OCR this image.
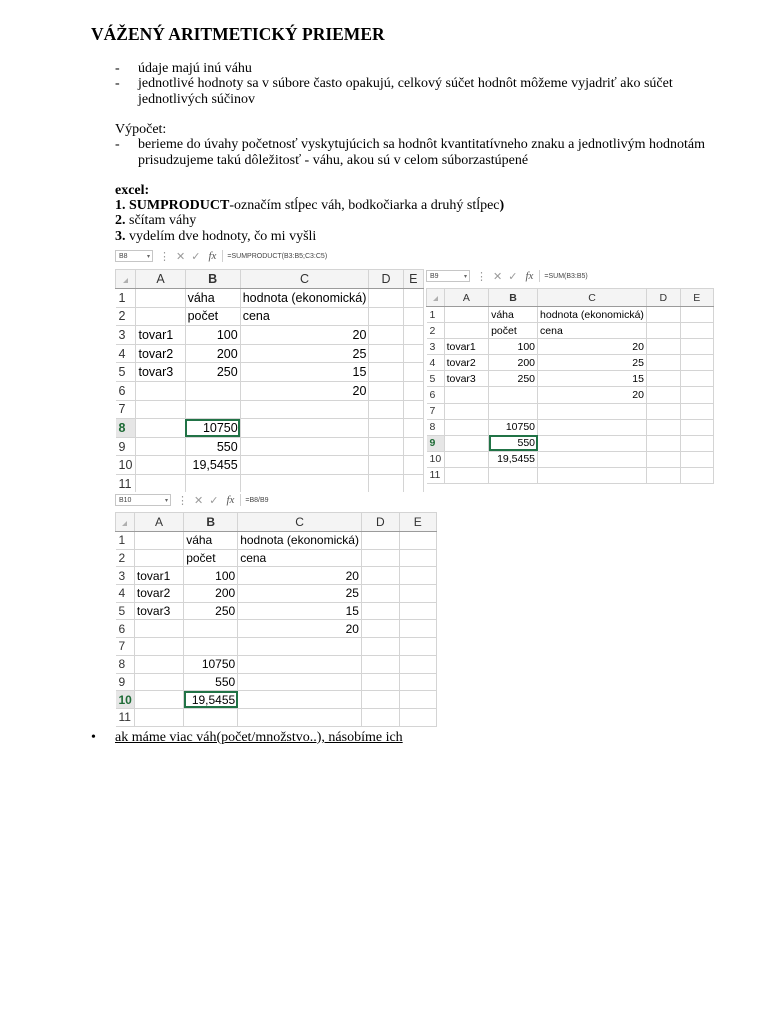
VÁŽENÝ ARITMETICKÝ PRIEMER
- údaje majú inú váhu
- jednotlivé hodnoty sa v súbore často opakujú, celkový súčet hodnôt môžeme vyjadriť ako súčet jednotlivých súčinov
Výpočet:
- berieme do úvahy početnosť vyskytujúcich sa hodnôt kvantitatívneho znaku a jednotlivým hodnotám prisudzujeme takú dôležitosť - váhu, akou sú v celom súborzastúpené
excel:
1. SUMPRODUCT-označím stĺpec váh, bodkočiarka a druhý stĺpec)
2. sčítam váhy
3. vydelím dve hodnoty, čo mi vyšli
B8	▾ ⋮ ✕ ✓ fx	=SUMPRODUCT(B3:B5;C3:C5)
	A	B	C	D	E
1		váha	hodnota (ekonomická)		
2		počet	cena		
3	tovar1	100	20		
4	tovar2	200	25		
5	tovar3	250	15		
6			20		
7					
8		10750			
9		550			
10		19,5455			
11					
B9	▾ ⋮ ✕ ✓ fx	=SUM(B3:B5)
	A	B	C	D	E
1		váha	hodnota (ekonomická)		
2		počet	cena		
3	tovar1	100	20		
4	tovar2	200	25		
5	tovar3	250	15		
6			20		
7					
8		10750			
9		550			
10		19,5455			
11					
B10	▾ ⋮ ✕ ✓ fx	=B8/B9
	A	B	C	D	E
1		váha	hodnota (ekonomická)		
2		počet	cena		
3	tovar1	100	20		
4	tovar2	200	25		
5	tovar3	250	15		
6			20		
7					
8		10750			
9		550			
10		19,5455			
11					
• ak máme viac váh(počet/množstvo..), násobíme ich
